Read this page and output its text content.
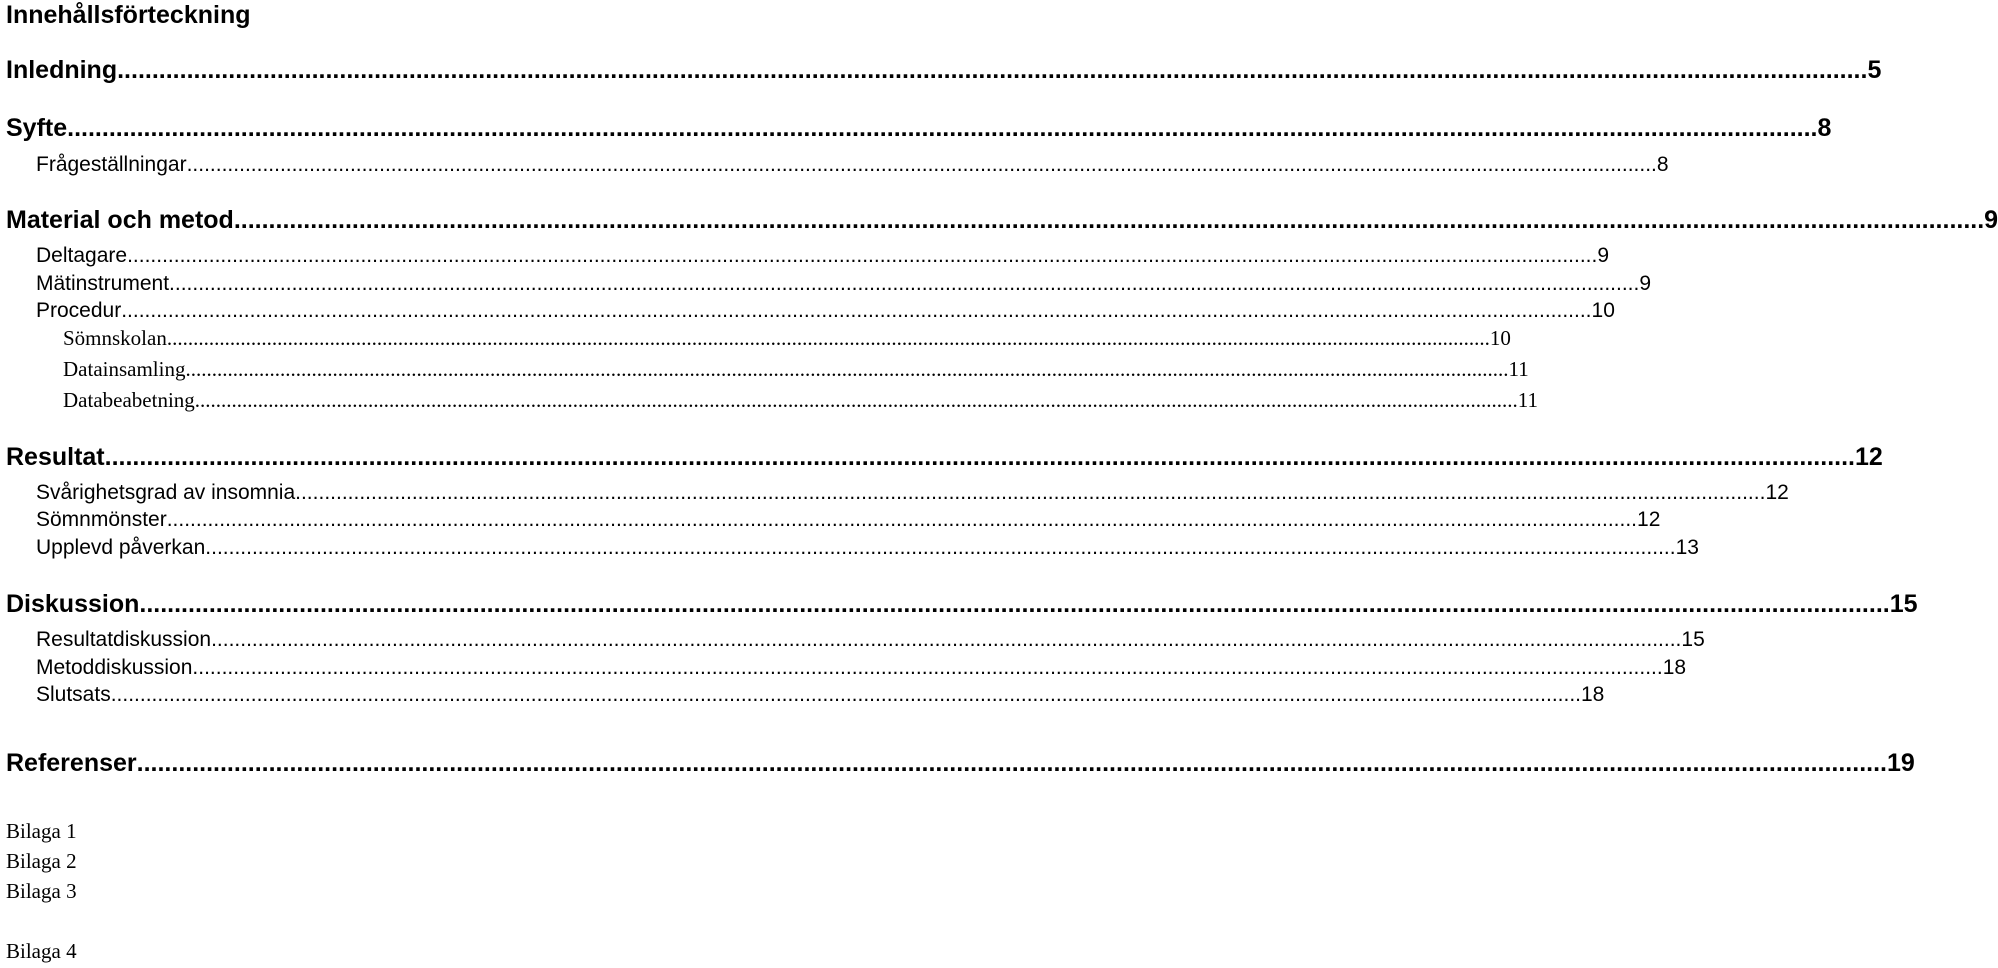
Innehållsförteckning
Inledning ............................................................................................................................................................................................................................................................ 5
Syfte ............................................................................................................................................................................................................................................................ 8
Frågeställningar ............................................................................................................................................................................................................................................................ 8
Material och metod ............................................................................................................................................................................................................................................................ 9
Deltagare ............................................................................................................................................................................................................................................................ 9
Mätinstrument ............................................................................................................................................................................................................................................................ 9
Procedur ............................................................................................................................................................................................................................................................ 10
Sömnskolan ............................................................................................................................................................................................................................................................ 10
Datainsamling ............................................................................................................................................................................................................................................................ 11
Databeabetning ............................................................................................................................................................................................................................................................ 11
Resultat ............................................................................................................................................................................................................................................................ 12
Svårighetsgrad av insomnia ............................................................................................................................................................................................................................................................ 12
Sömnmönster ............................................................................................................................................................................................................................................................ 12
Upplevd påverkan ............................................................................................................................................................................................................................................................ 13
Diskussion ............................................................................................................................................................................................................................................................ 15
Resultatdiskussion ............................................................................................................................................................................................................................................................ 15
Metoddiskussion ............................................................................................................................................................................................................................................................ 18
Slutsats ............................................................................................................................................................................................................................................................ 18
Referenser ............................................................................................................................................................................................................................................................ 19
Bilaga 1
Bilaga 2
Bilaga 3
Bilaga 4
